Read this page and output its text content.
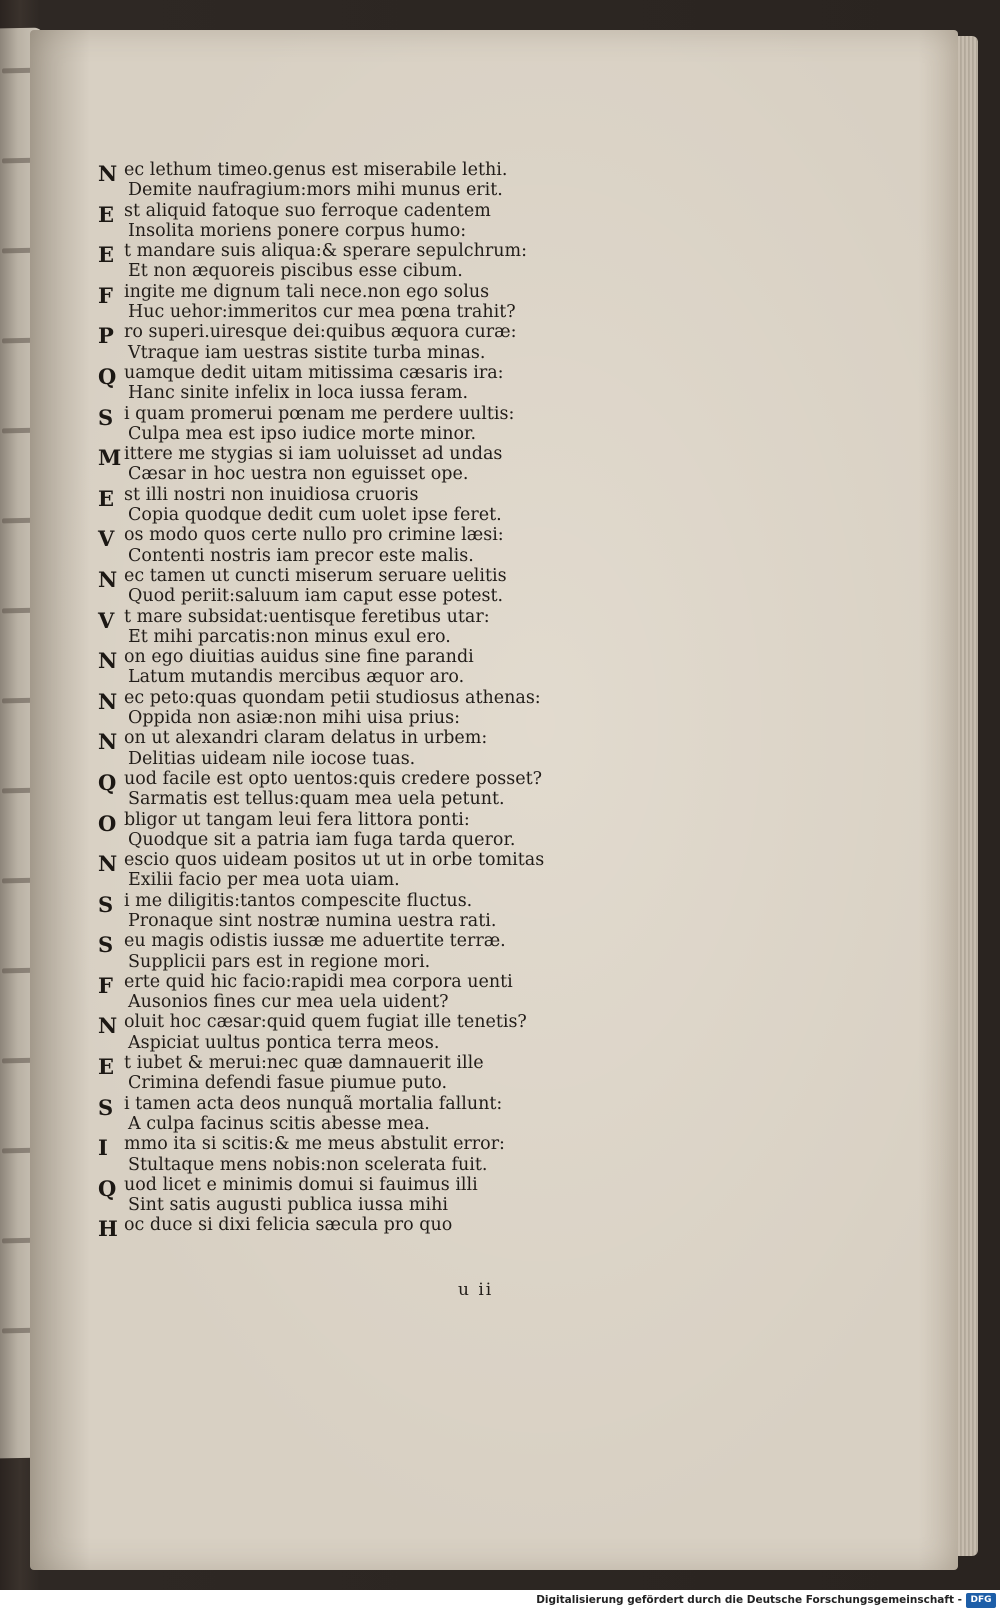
N ec lethum timeo.genus est miserabile lethi.
Demite naufragium:mors mihi munus erit.
E st aliquid fatoque suo ferroque cadentem
Insolita moriens ponere corpus humo:
E t mandare suis aliqua:& sperare sepulchrum:
Et non æquoreis piscibus esse cibum.
F ingite me dignum tali nece.non ego solus
Huc uehor:immeritos cur mea pœna trahit?
P ro superi.uiresque dei:quibus æquora curæ:
Vtraque iam uestras sistite turba minas.
Q uamque dedit uitam mitissima cæsaris ira:
Hanc sinite infelix in loca iussa feram.
S i quam promerui pœnam me perdere uultis:
Culpa mea est ipso iudice morte minor.
M ittere me stygias si iam uoluisset ad undas
Cæsar in hoc uestra non eguisset ope.
E st illi nostri non inuidiosa cruoris
Copia quodque dedit cum uolet ipse feret.
V os modo quos certe nullo pro crimine læsi:
Contenti nostris iam precor este malis.
N ec tamen ut cuncti miserum seruare uelitis
Quod periit:saluum iam caput esse potest.
V t mare subsidat:uentisque feretibus utar:
Et mihi parcatis:non minus exul ero.
N on ego diuitias auidus sine fine parandi
Latum mutandis mercibus æquor aro.
N ec peto:quas quondam petii studiosus athenas:
Oppida non asiæ:non mihi uisa prius:
N on ut alexandri claram delatus in urbem:
Delitias uideam nile iocose tuas.
Q uod facile est opto uentos:quis credere posset?
Sarmatis est tellus:quam mea uela petunt.
O bligor ut tangam leui fera littora ponti:
Quodque sit a patria iam fuga tarda queror.
N escio quos uideam positos ut ut in orbe tomitas
Exilii facio per mea uota uiam.
S i me diligitis:tantos compescite fluctus.
Pronaque sint nostræ numina uestra rati.
S eu magis odistis iussæ me aduertite terræ.
Supplicii pars est in regione mori.
F erte quid hic facio:rapidi mea corpora uenti
Ausonios fines cur mea uela uident?
N oluit hoc cæsar:quid quem fugiat ille tenetis?
Aspiciat uultus pontica terra meos.
E t iubet & merui:nec quæ damnauerit ille
Crimina defendi fasue piumue puto.
S i tamen acta deos nunquã mortalia fallunt:
A culpa facinus scitis abesse mea.
I mmo ita si scitis:& me meus abstulit error:
Stultaque mens nobis:non scelerata fuit.
Q uod licet e minimis domui si fauimus illi
Sint satis augusti publica iussa mihi
H oc duce si dixi felicia sæcula pro quo
u ii
Digitalisierung gefördert durch die Deutsche Forschungsgemeinschaft - DFG
